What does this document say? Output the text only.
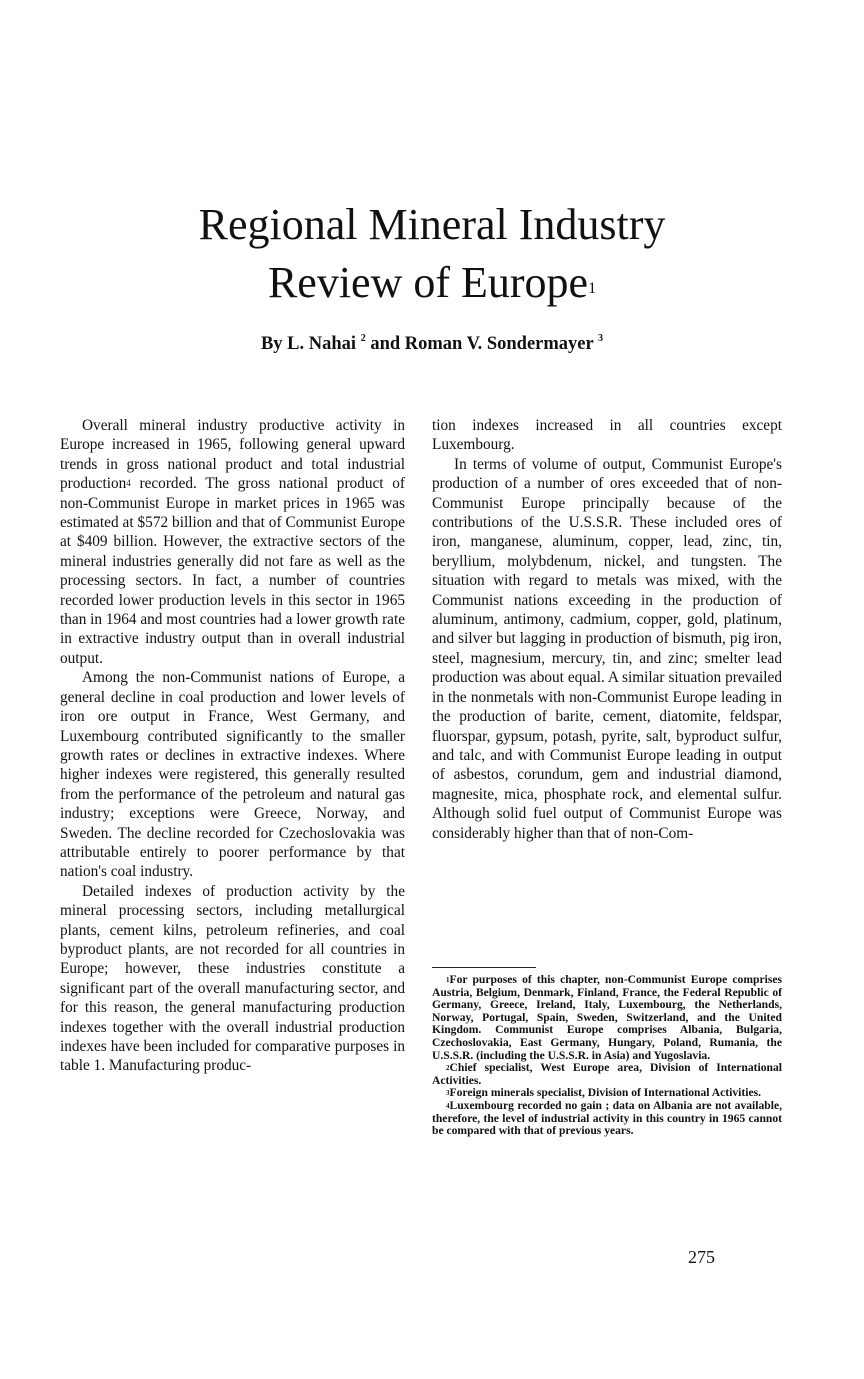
Regional Mineral Industry
Review of Europe$^1$

By L. Nahai $^2$ and Roman V. Sondermayer $^3$

Overall mineral industry productive activity in Europe increased in 1965, following general upward trends in gross national product and total industrial production$^4$ recorded. The gross national product of non-Communist Europe in market prices in 1965 was estimated at $572 billion and that of Communist Europe at $409 billion. However, the extractive sectors of the mineral industries generally did not fare as well as the processing sectors. In fact, a number of countries recorded lower production levels in this sector in 1965 than in 1964 and most countries had a lower growth rate in extractive industry output than in overall industrial output.

Among the non-Communist nations of Europe, a general decline in coal production and lower levels of iron ore output in France, West Germany, and Luxembourg contributed significantly to the smaller growth rates or declines in extractive indexes. Where higher indexes were registered, this generally resulted from the performance of the petroleum and natural gas industry; exceptions were Greece, Norway, and Sweden. The decline recorded for Czechoslovakia was attributable entirely to poorer performance by that nation's coal industry.

Detailed indexes of production activity by the mineral processing sectors, including metallurgical plants, cement kilns, petroleum refineries, and coal byproduct plants, are not recorded for all countries in Europe; however, these industries constitute a significant part of the overall manufacturing sector, and for this reason, the general manufacturing production indexes together with the overall industrial production indexes have been included for comparative purposes in table 1. Manufacturing produc-

tion indexes increased in all countries except Luxembourg.

In terms of volume of output, Communist Europe's production of a number of ores exceeded that of non-Communist Europe principally because of the contributions of the U.S.S.R. These included ores of iron, manganese, aluminum, copper, lead, zinc, tin, beryllium, molybdenum, nickel, and tungsten. The situation with regard to metals was mixed, with the Communist nations exceeding in the production of aluminum, antimony, cadmium, copper, gold, platinum, and silver but lagging in production of bismuth, pig iron, steel, magnesium, mercury, tin, and zinc; smelter lead production was about equal. A similar situation prevailed in the nonmetals with non-Communist Europe leading in the production of barite, cement, diatomite, feldspar, fluorspar, gypsum, potash, pyrite, salt, byproduct sulfur, and talc, and with Communist Europe leading in output of asbestos, corundum, gem and industrial diamond, magnesite, mica, phosphate rock, and elemental sulfur. Although solid fuel output of Communist Europe was considerably higher than that of non-Com-

$^1$For purposes of this chapter, non-Communist Europe comprises Austria, Belgium, Denmark, Finland, France, the Federal Republic of Germany, Greece, Ireland, Italy, Luxembourg, the Netherlands, Norway, Portugal, Spain, Sweden, Switzerland, and the United Kingdom. Communist Europe comprises Albania, Bulgaria, Czechoslovakia, East Germany, Hungary, Poland, Rumania, the U.S.S.R. (including the U.S.S.R. in Asia) and Yugoslavia.

$^2$Chief specialist, West Europe area, Division of International Activities.

$^3$Foreign minerals specialist, Division of International Activities.

$^4$Luxembourg recorded no gain ; data on Albania are not available, therefore, the level of industrial activity in this country in 1965 cannot be compared with that of previous years.

275
